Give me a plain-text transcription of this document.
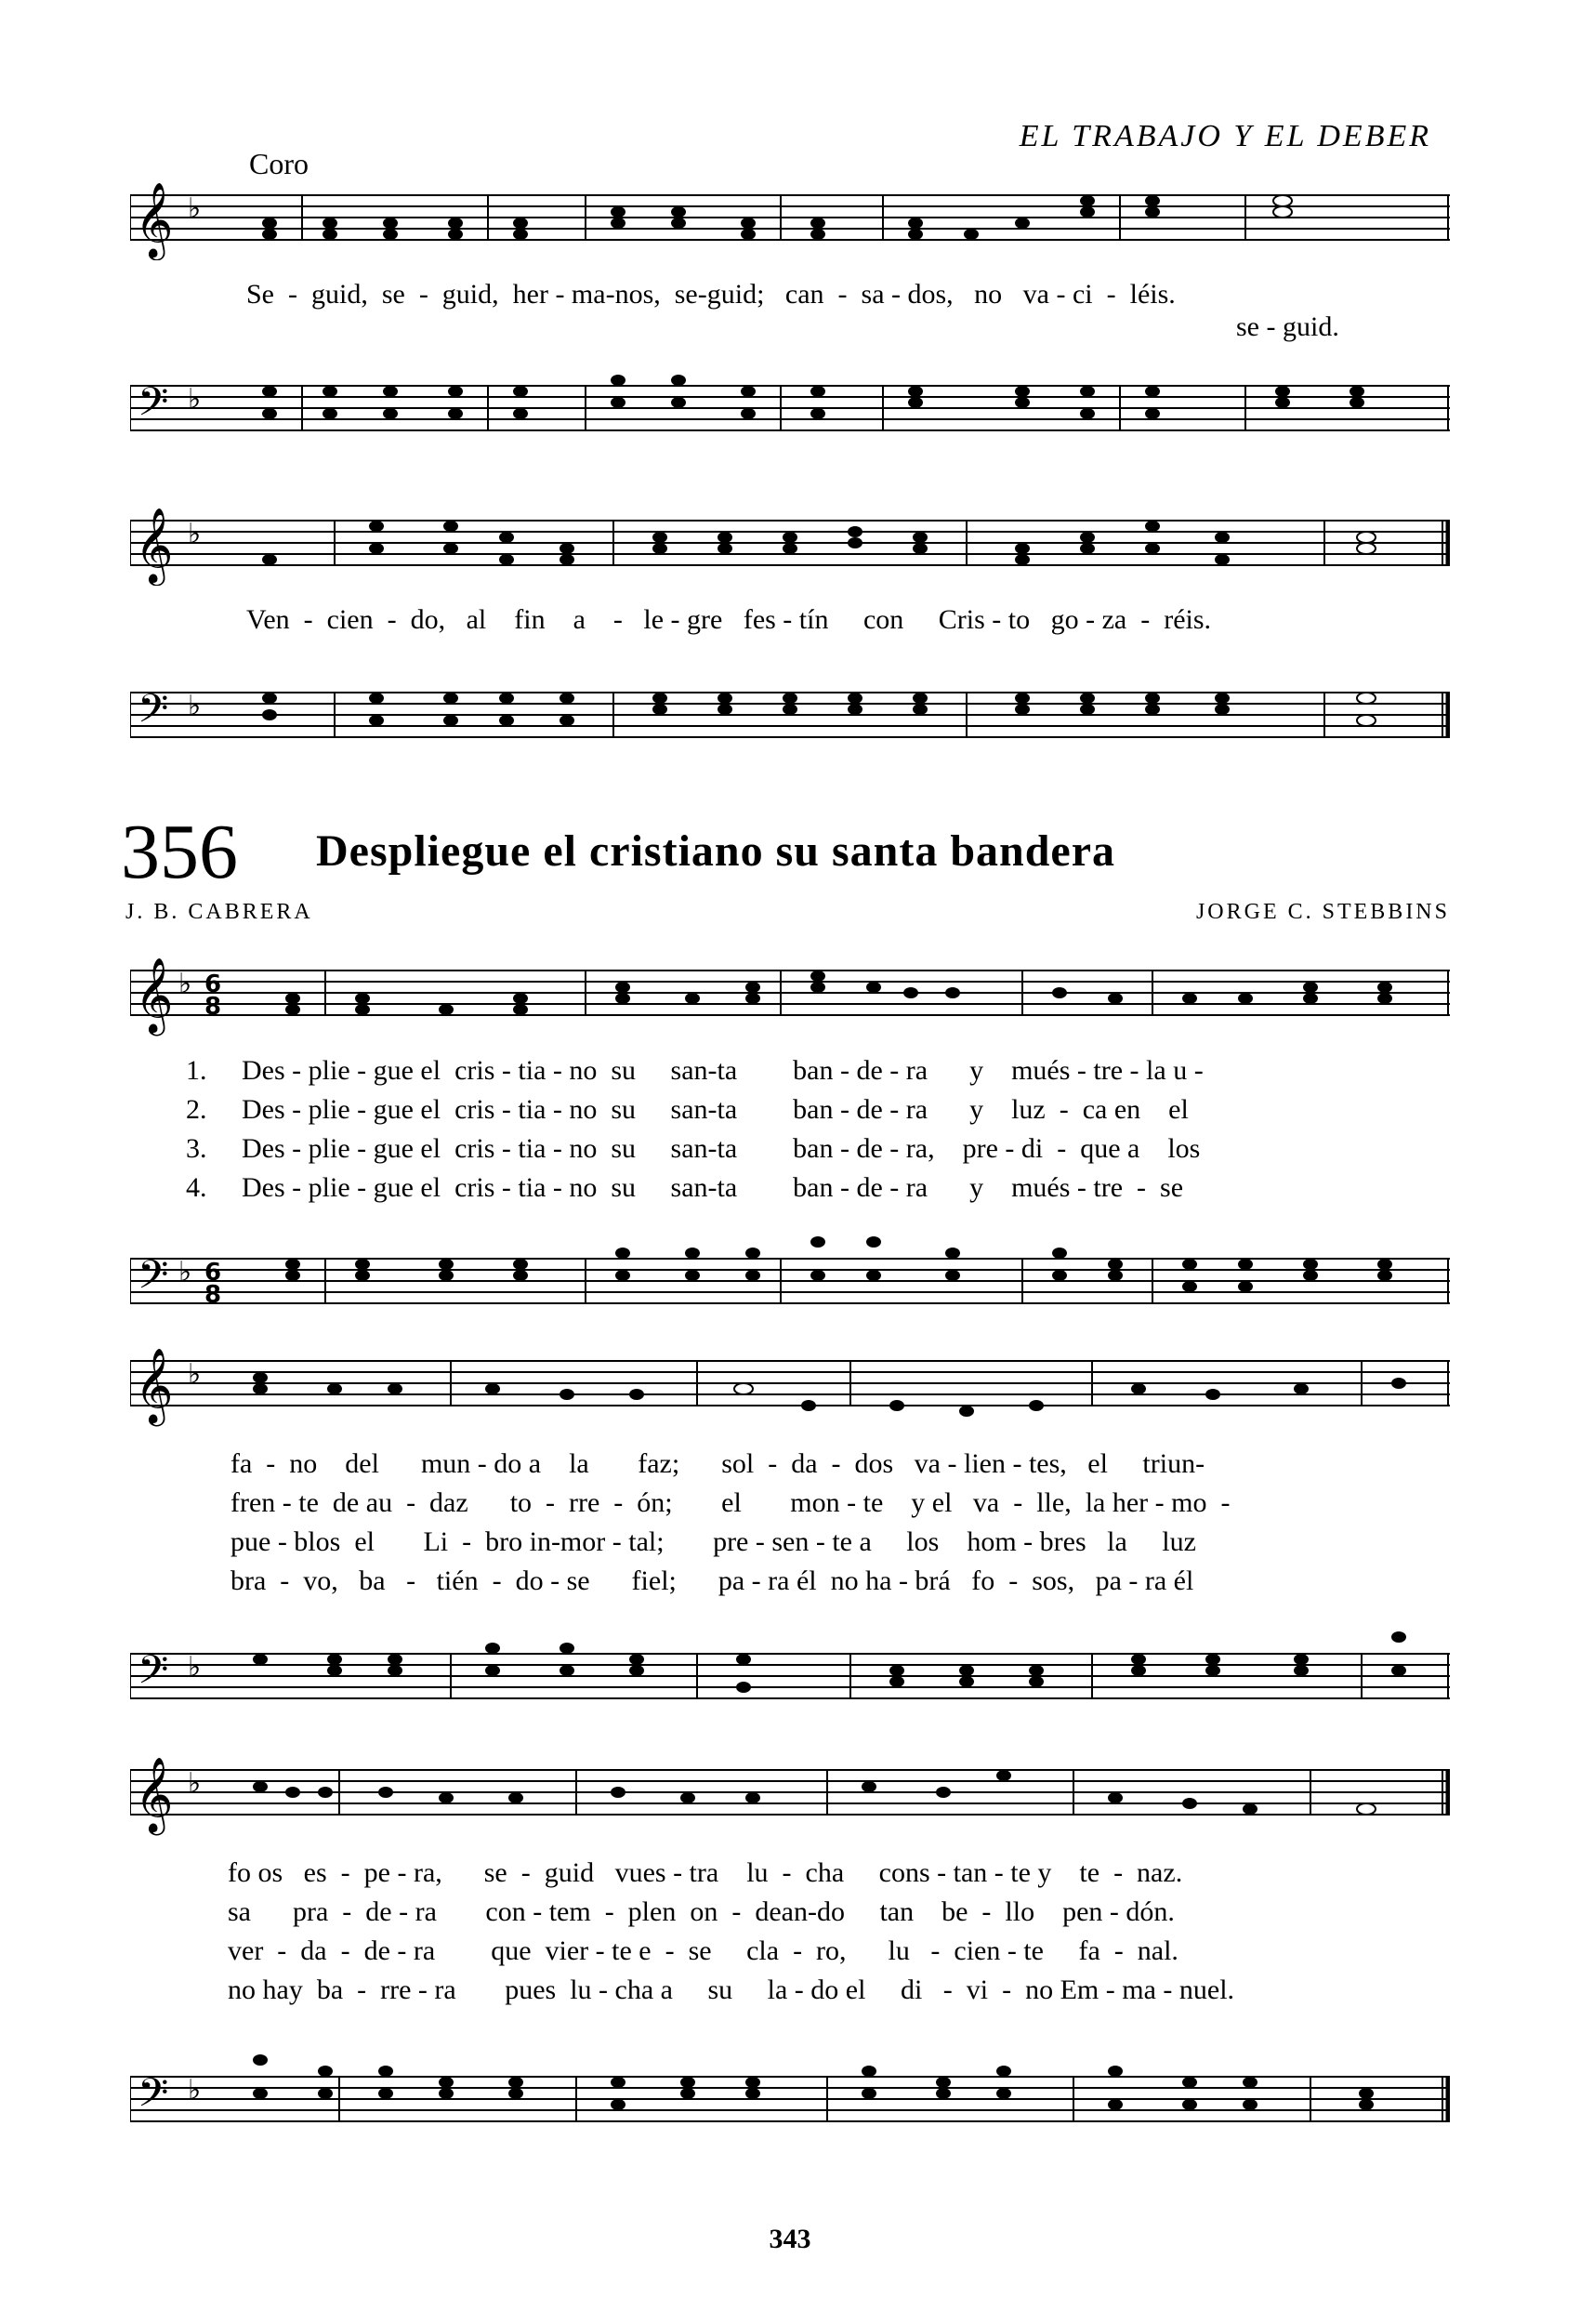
EL TRABAJO Y EL DEBER
Coro
𝄞 ♭
Se  -  guid,  se  -  guid,  her - ma-nos,  se-guid;   can  -  sa - dos,   no   va - ci  -  léis.
se - guid.
𝄢 ♭
𝄞 ♭
Ven  -  cien  -  do,   al    fin    a    -   le - gre   fes - tín     con     Cris - to   go - za  -  réis.
𝄢 ♭
356 Despliegue el cristiano su santa bandera
J. B. CABRERA	JORGE C. STEBBINS
𝄞 ♭ 6
8
1. Des - plie - gue el  cris - tia - no  su     san-ta        ban - de - ra      y    mués - tre - la u -
2. Des - plie - gue el  cris - tia - no  su     san-ta        ban - de - ra      y    luz  -  ca en    el
3. Des - plie - gue el  cris - tia - no  su     san-ta        ban - de - ra,    pre - di  -  que a    los
4. Des - plie - gue el  cris - tia - no  su     san-ta        ban - de - ra      y    mués - tre  -  se
𝄢 ♭ 6
8
𝄞 ♭
fa  -  no    del      mun - do a    la       faz;      sol  -  da  -  dos   va - lien - tes,   el     triun-
fren - te  de au  -  daz      to  -  rre  -  ón;       el       mon - te    y el   va  -  lle,  la her - mo  -
pue - blos  el       Li  -  bro in-mor - tal;       pre - sen - te a     los    hom - bres   la     luz
bra  -  vo,   ba   -   tién  -  do - se      fiel;      pa - ra él  no ha - brá   fo  -  sos,   pa - ra él
𝄢 ♭
𝄞 ♭
fo os   es  -  pe - ra,      se  -  guid   vues - tra    lu  -  cha     cons - tan - te y    te  -  naz.
sa      pra  -  de - ra       con - tem  -  plen  on  -  dean-do     tan    be  -  llo    pen - dón.
ver  -  da  -  de - ra        que  vier - te e  -  se     cla  -  ro,      lu   -  cien - te     fa  -  nal.
no hay  ba  -  rre - ra       pues  lu - cha a     su     la - do el     di   -  vi  -  no Em - ma - nuel.
𝄢 ♭
343
